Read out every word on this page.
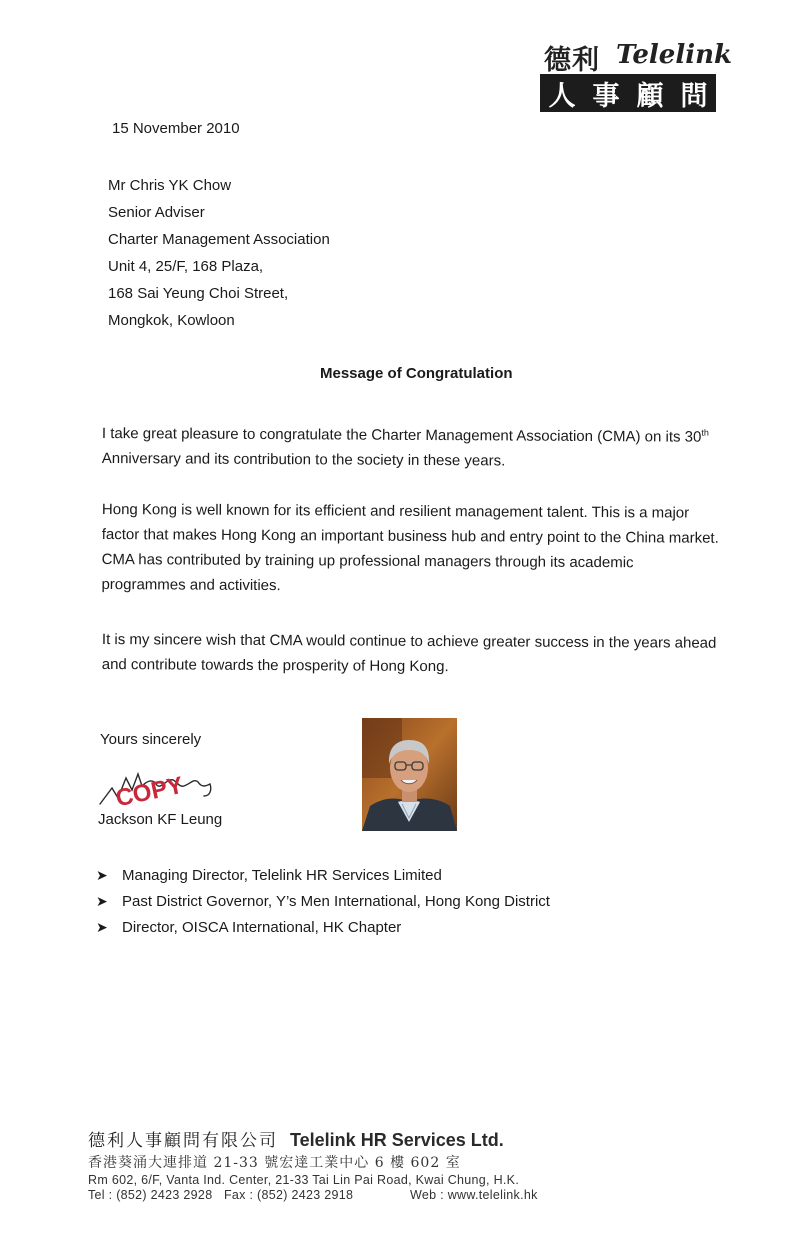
德利 Telelink
人 事 顧 問
15 November 2010
Mr Chris YK Chow
Senior Adviser
Charter Management Association
Unit 4, 25/F, 168 Plaza,
168 Sai Yeung Choi Street,
Mongkok, Kowloon
Message of Congratulation
I take great pleasure to congratulate the Charter Management Association (CMA) on its 30th Anniversary and its contribution to the society in these years.
Hong Kong is well known for its efficient and resilient management talent. This is a major factor that makes Hong Kong an important business hub and entry point to the China market. CMA has contributed by training up professional managers through its academic programmes and activities.
It is my sincere wish that CMA would continue to achieve greater success in the years ahead and contribute towards the prosperity of Hong Kong.
Yours sincerely
COPY
Jackson KF Leung
➤ Managing Director, Telelink HR Services Limited
➤ Past District Governor, Y’s Men International, Hong Kong District
➤ Director, OISCA International, HK Chapter
德利人事顧問有限公司 Telelink HR Services Ltd.
香港葵涌大連排道 21-33 號宏達工業中心 6 樓 602 室
Rm 602, 6/F, Vanta Ind. Center, 21-33 Tai Lin Pai Road, Kwai Chung, H.K.
Tel : (852) 2423 2928 Fax : (852) 2423 2918	Web : www.telelink.hk
